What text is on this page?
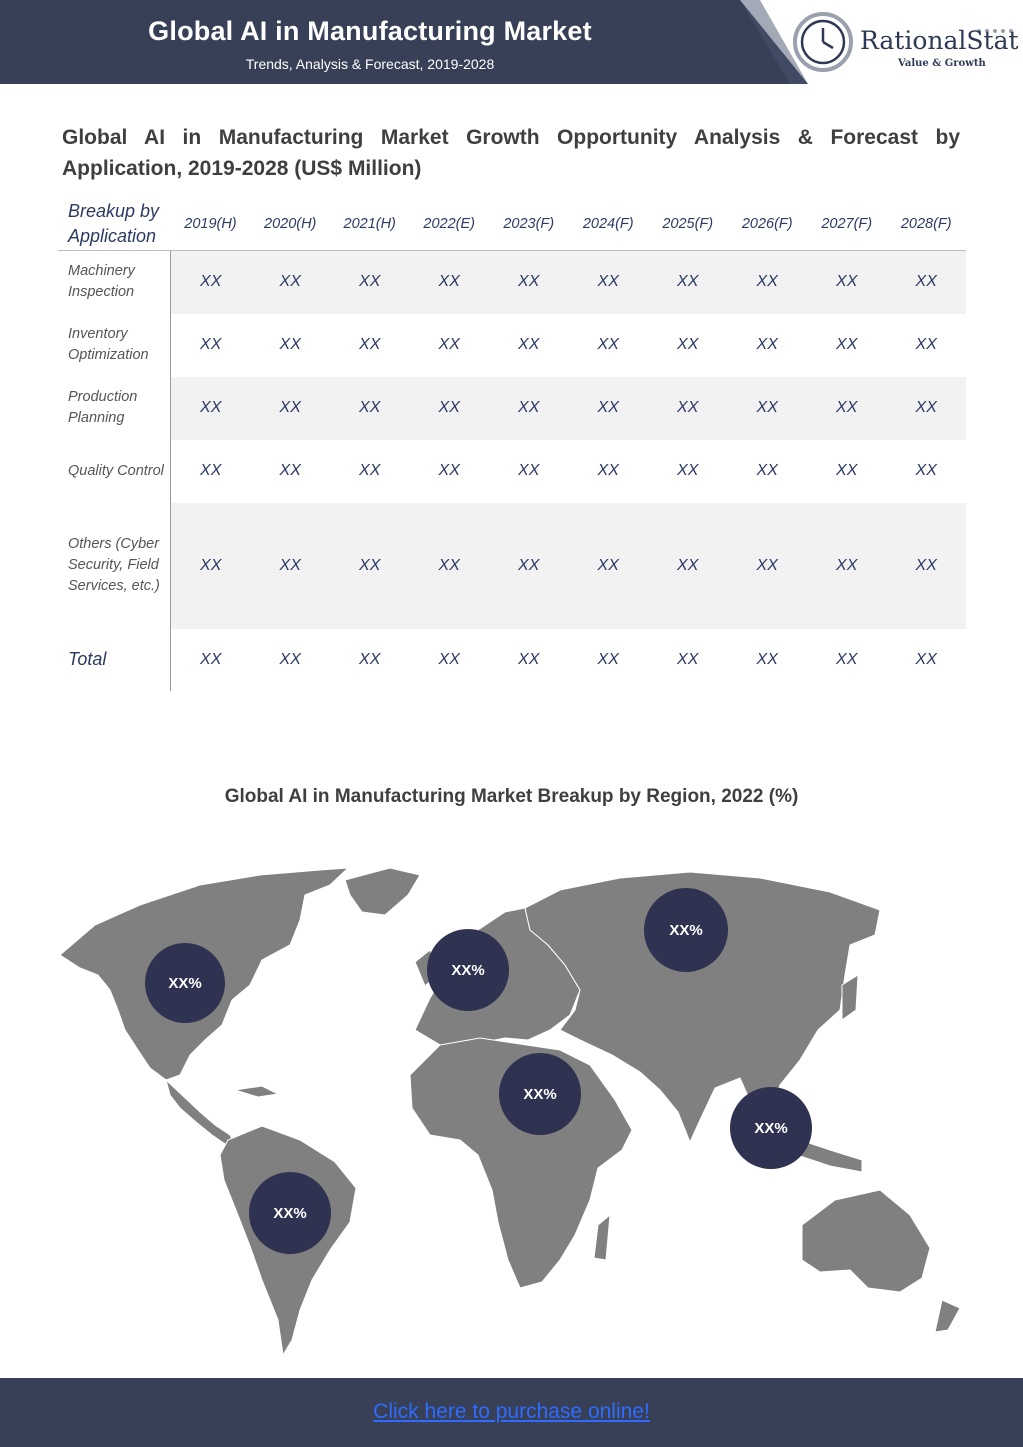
Global AI in Manufacturing Market
Trends, Analysis & Forecast, 2019-2028
RationalStat
Value & Growth
Global AI in Manufacturing Market Growth Opportunity Analysis & Forecast by Application, 2019-2028 (US$ Million)
Breakup by Application	2019(H)	2020(H)	2021(H)	2022(E)	2023(F)	2024(F)	2025(F)	2026(F)	2027(F)	2028(F)
Machinery Inspection	XX	XX	XX	XX	XX	XX	XX	XX	XX	XX
Inventory Optimization	XX	XX	XX	XX	XX	XX	XX	XX	XX	XX
Production Planning	XX	XX	XX	XX	XX	XX	XX	XX	XX	XX
Quality Control	XX	XX	XX	XX	XX	XX	XX	XX	XX	XX
Others (Cyber Security, Field Services, etc.)	XX	XX	XX	XX	XX	XX	XX	XX	XX	XX
Total	XX	XX	XX	XX	XX	XX	XX	XX	XX	XX
Global AI in Manufacturing Market Breakup by Region, 2022 (%)
XX%
XX%
XX%
XX%
XX%
XX%
Click here to purchase online!
